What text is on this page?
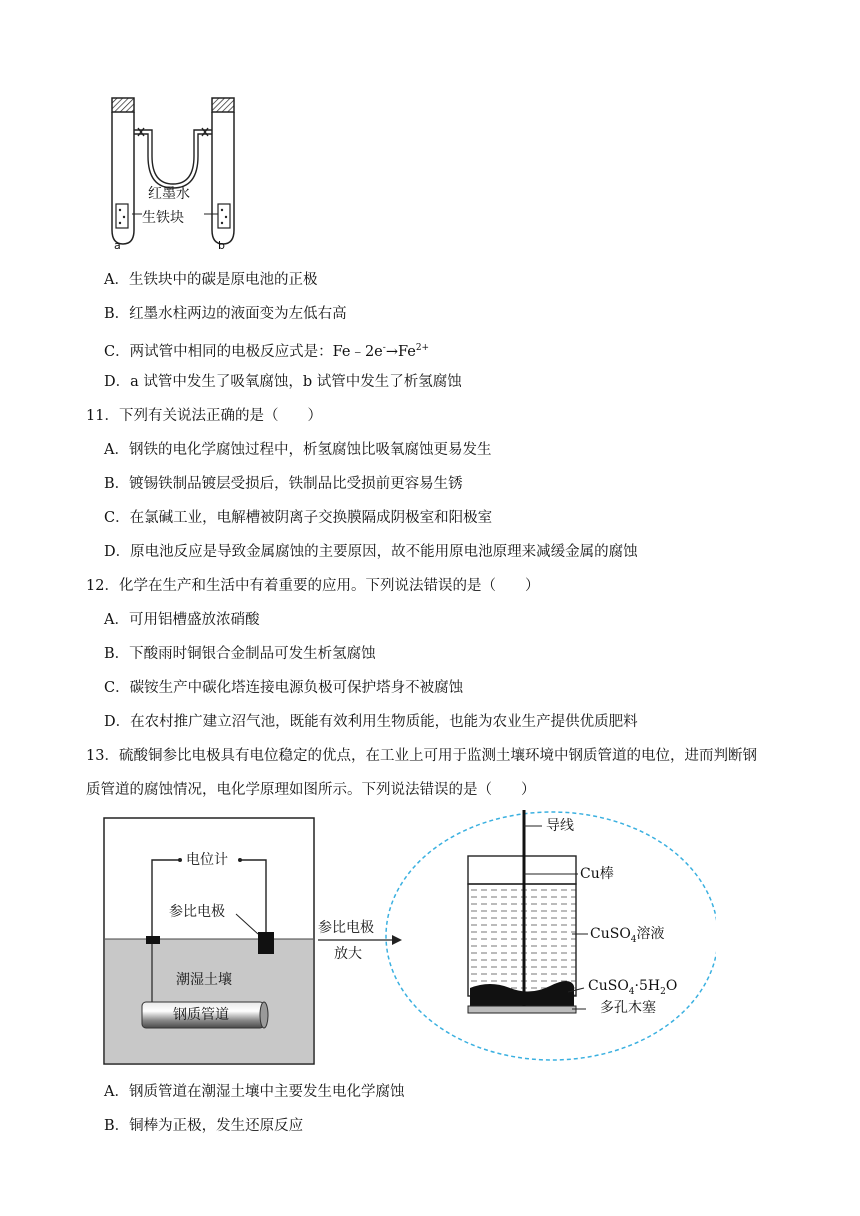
红墨水
生铁块
a	b
A．生铁块中的碳是原电池的正极
B．红墨水柱两边的液面变为左低右高
C．两试管中相同的电极反应式是：$Fe﹣2e^-\to Fe^{2+}$
D．a 试管中发生了吸氧腐蚀，b 试管中发生了析氢腐蚀
11．下列有关说法正确的是（　　）
A．钢铁的电化学腐蚀过程中，析氢腐蚀比吸氧腐蚀更易发生
B．镀锡铁制品镀层受损后，铁制品比受损前更容易生锈
C．在氯碱工业，电解槽被阴离子交换膜隔成阴极室和阳极室
D．原电池反应是导致金属腐蚀的主要原因，故不能用原电池原理来减缓金属的腐蚀
12．化学在生产和生活中有着重要的应用。下列说法错误的是（　　）
A．可用铝槽盛放浓硝酸
B．下酸雨时铜银合金制品可发生析氢腐蚀
C．碳铵生产中碳化塔连接电源负极可保护塔身不被腐蚀
D．在农村推广建立沼气池，既能有效利用生物质能，也能为农业生产提供优质肥料
13．硫酸铜参比电极具有电位稳定的优点，在工业上可用于监测土壤环境中钢质管道的电位，进而判断钢
质管道的腐蚀情况，电化学原理如图所示。下列说法错误的是（　　）
电位计
参比电极
潮湿土壤
钢质管道
参比电极
放大
导线
Cu棒
CuSO$_4$溶液
$CuSO_4\cdot 5H_2O$
多孔木塞
A．钢质管道在潮湿土壤中主要发生电化学腐蚀
B．铜棒为正极，发生还原反应
